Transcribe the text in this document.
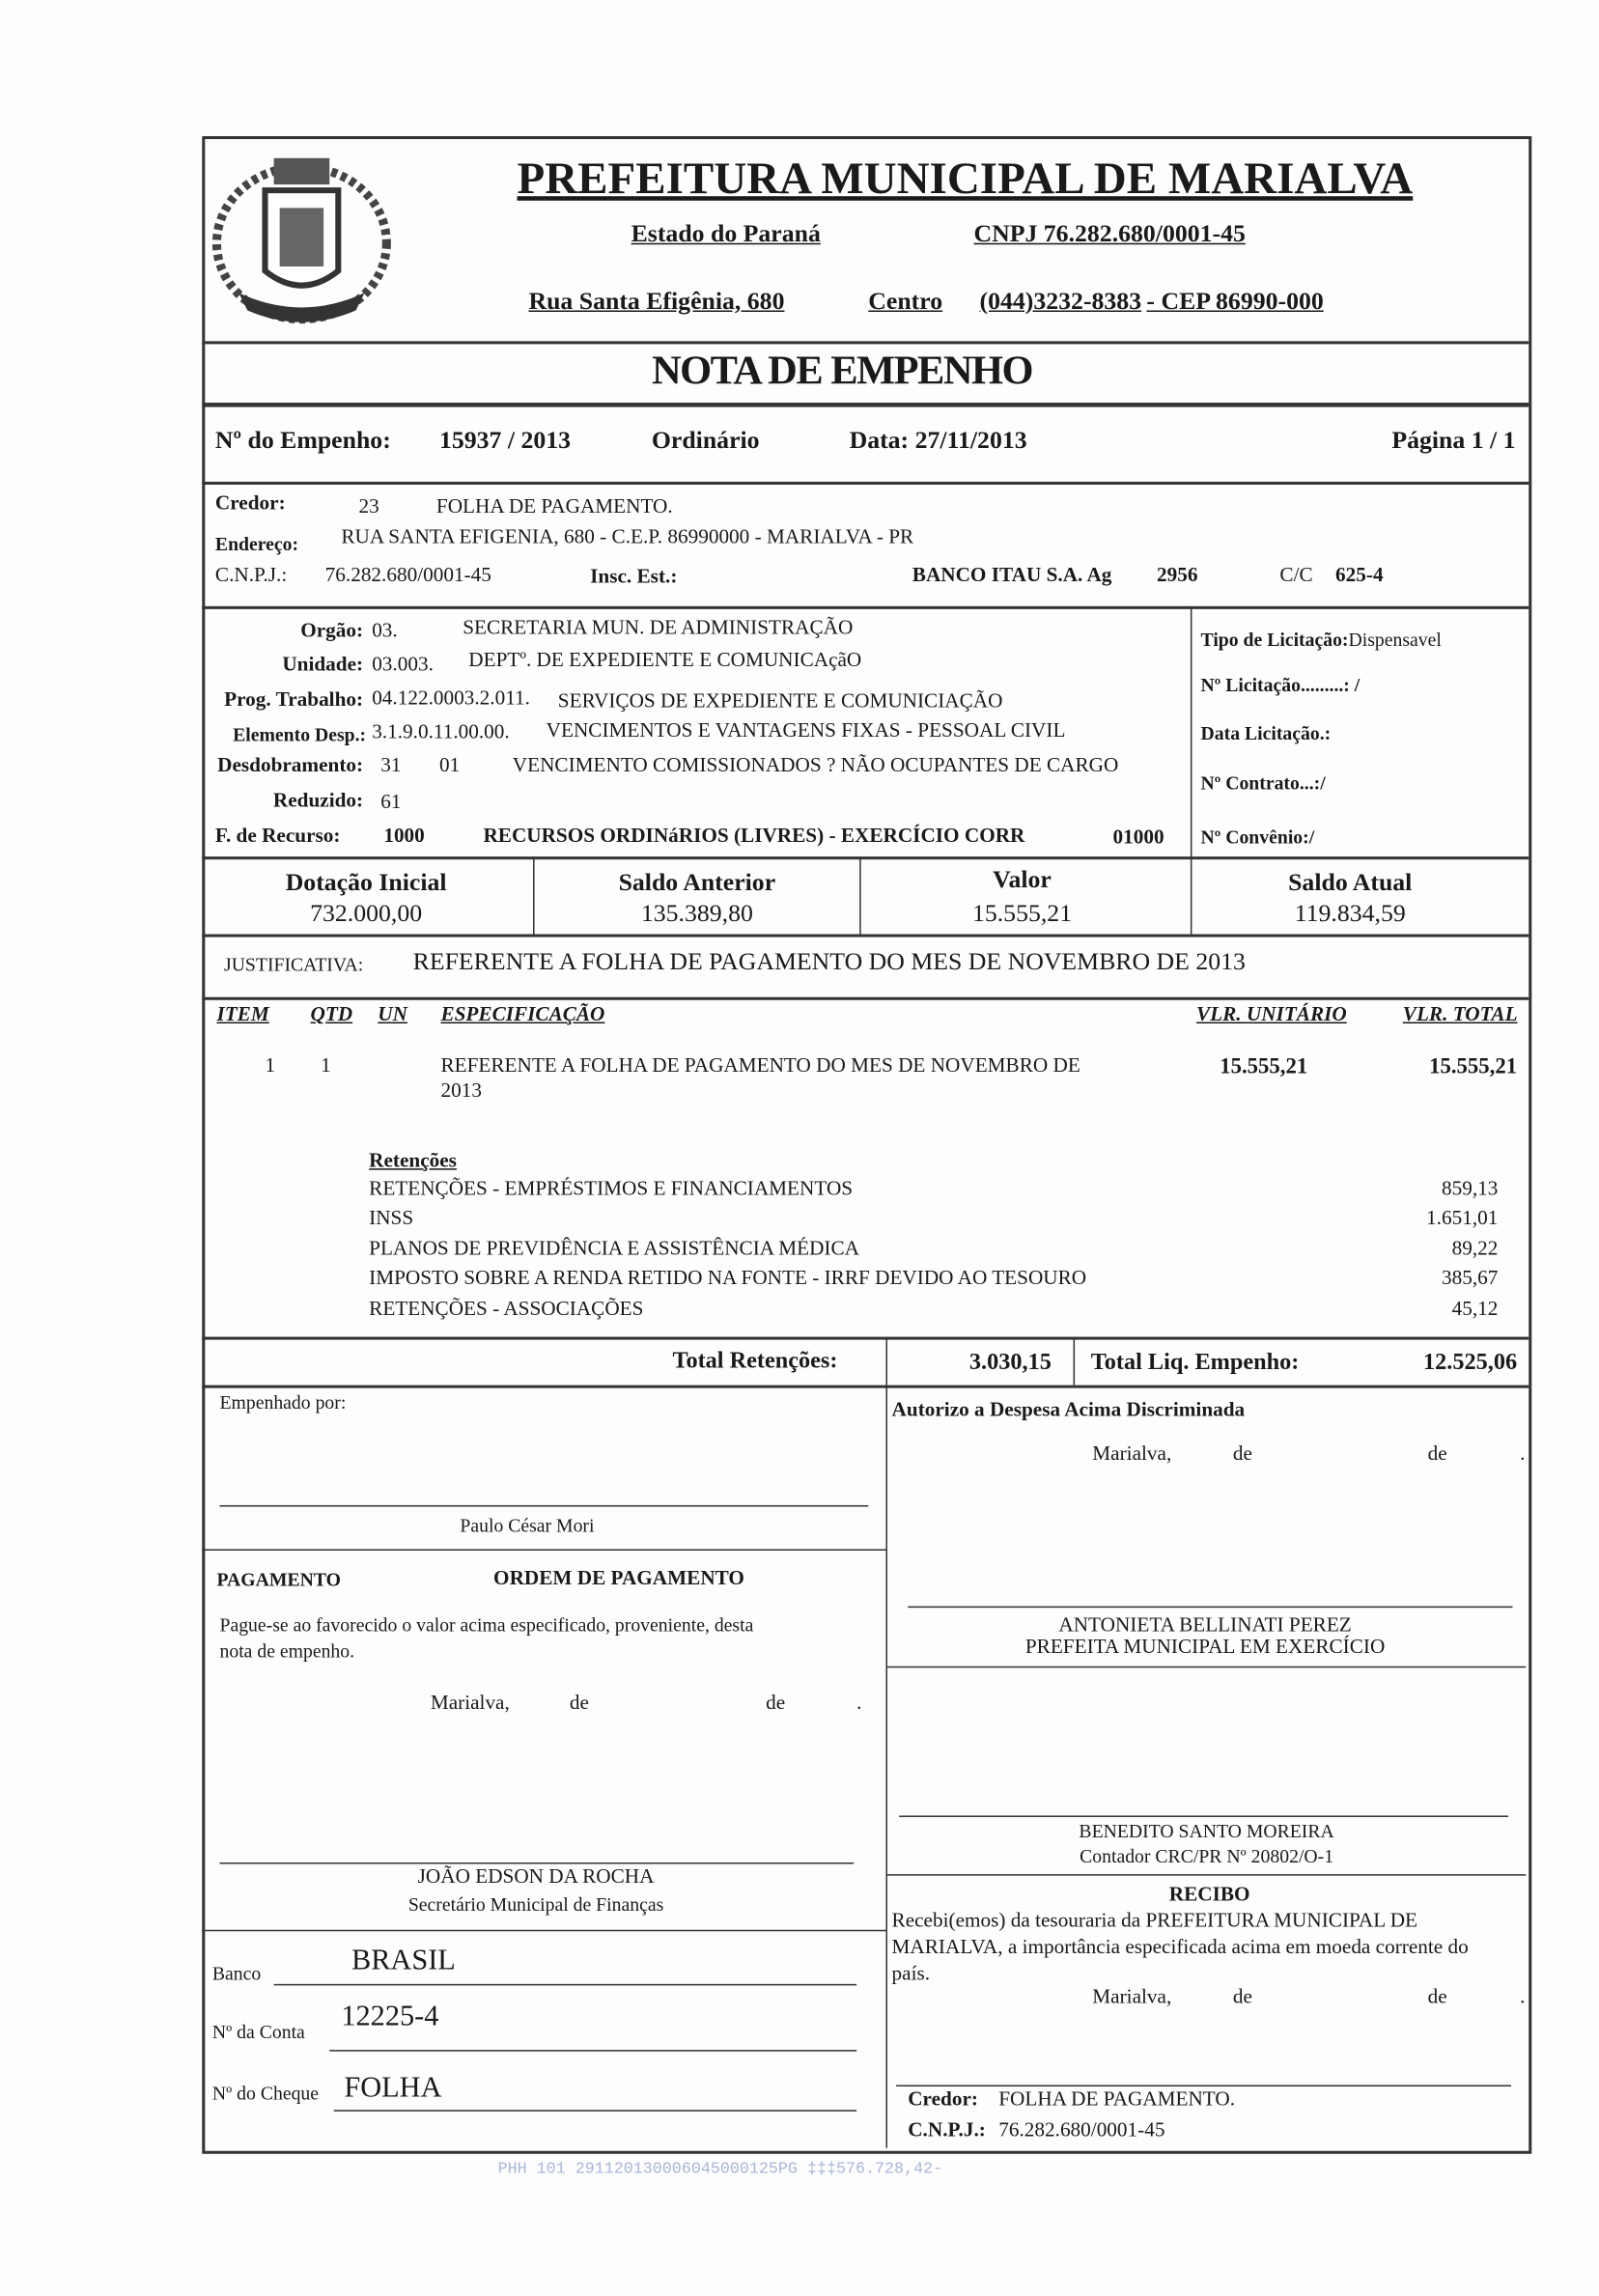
PREFEITURA MUNICIPAL DE MARIALVA
Estado do Paraná	CNPJ 76.282.680/0001-45
Rua Santa Efigênia, 680	Centro (044)3232-8383 - CEP 86990-000
NOTA DE EMPENHO
Nº do Empenho:	15937 / 2013	Ordinário	Data: 27/11/2013	Página 1 / 1
Credor:	23	FOLHA DE PAGAMENTO.
Endereço:	RUA SANTA EFIGENIA, 680 - C.E.P. 86990000 - MARIALVA - PR
C.N.P.J.:	76.282.680/0001-45	Insc. Est.:	BANCO ITAU S.A. Ag	2956	C/C 625-4
Orgão: 03.	SECRETARIA MUN. DE ADMINISTRAÇÃO
Unidade: 03.003.	DEPTº. DE EXPEDIENTE E COMUNICAçãO
Prog. Trabalho: 04.122.0003.2.011. SERVIÇOS DE EXPEDIENTE E COMUNICIAÇÃO
Elemento Desp.: 3.1.9.0.11.00.00.	VENCIMENTOS E VANTAGENS FIXAS - PESSOAL CIVIL
Desdobramento: 31	01	VENCIMENTO COMISSIONADOS ? NÃO OCUPANTES DE CARGO
Reduzido: 61
F. de Recurso:	1000	RECURSOS ORDINáRIOS (LIVRES) - EXERCÍCIO CORR	01000
Tipo de Licitação:Dispensavel
Nº Licitação.........: /
Data Licitação.:
Nº Contrato...:/
Nº Convênio:/
Dotação Inicial
732.000,00
Saldo Anterior
135.389,80
Valor
15.555,21
Saldo Atual
119.834,59
JUSTIFICATIVA:	REFERENTE A FOLHA DE PAGAMENTO DO MES DE NOVEMBRO DE 2013
ITEM	QTD UN ESPECIFICAÇÃO	VLR. UNITÁRIO	VLR. TOTAL
1	1	REFERENTE A FOLHA DE PAGAMENTO DO MES DE NOVEMBRO DE
2013
15.555,21	15.555,21
Retenções
RETENÇÕES - EMPRÉSTIMOS E FINANCIAMENTOS	859,13
INSS	1.651,01
PLANOS DE PREVIDÊNCIA E ASSISTÊNCIA MÉDICA	89,22
IMPOSTO SOBRE A RENDA RETIDO NA FONTE - IRRF DEVIDO AO TESOURO	385,67
RETENÇÕES - ASSOCIAÇÕES	45,12
Total Retenções:	3.030,15	Total Liq. Empenho:	12.525,06
Empenhado por:
Paulo César Mori
PAGAMENTO	ORDEM DE PAGAMENTO
Pague-se ao favorecido o valor acima especificado, proveniente, desta
nota de empenho.
Marialva,	de	de	.
JOÃO EDSON DA ROCHA
Secretário Municipal de Finanças
Banco	BRASIL
Nº da Conta 12225-4
Nº do Cheque FOLHA
Autorizo a Despesa Acima Discriminada
Marialva,	de	de	.
ANTONIETA BELLINATI PEREZ
PREFEITA MUNICIPAL EM EXERCÍCIO
BENEDITO SANTO MOREIRA
Contador CRC/PR Nº 20802/O-1
RECIBO
Recebi(emos) da tesouraria da PREFEITURA MUNICIPAL DE
MARIALVA, a importância especificada acima em moeda corrente do
país.
Marialva,	de	de	.
Credor: FOLHA DE PAGAMENTO.
C.N.P.J.: 76.282.680/0001-45
PHH 101 291120130006045000125PG ‡‡‡576.728,42-
